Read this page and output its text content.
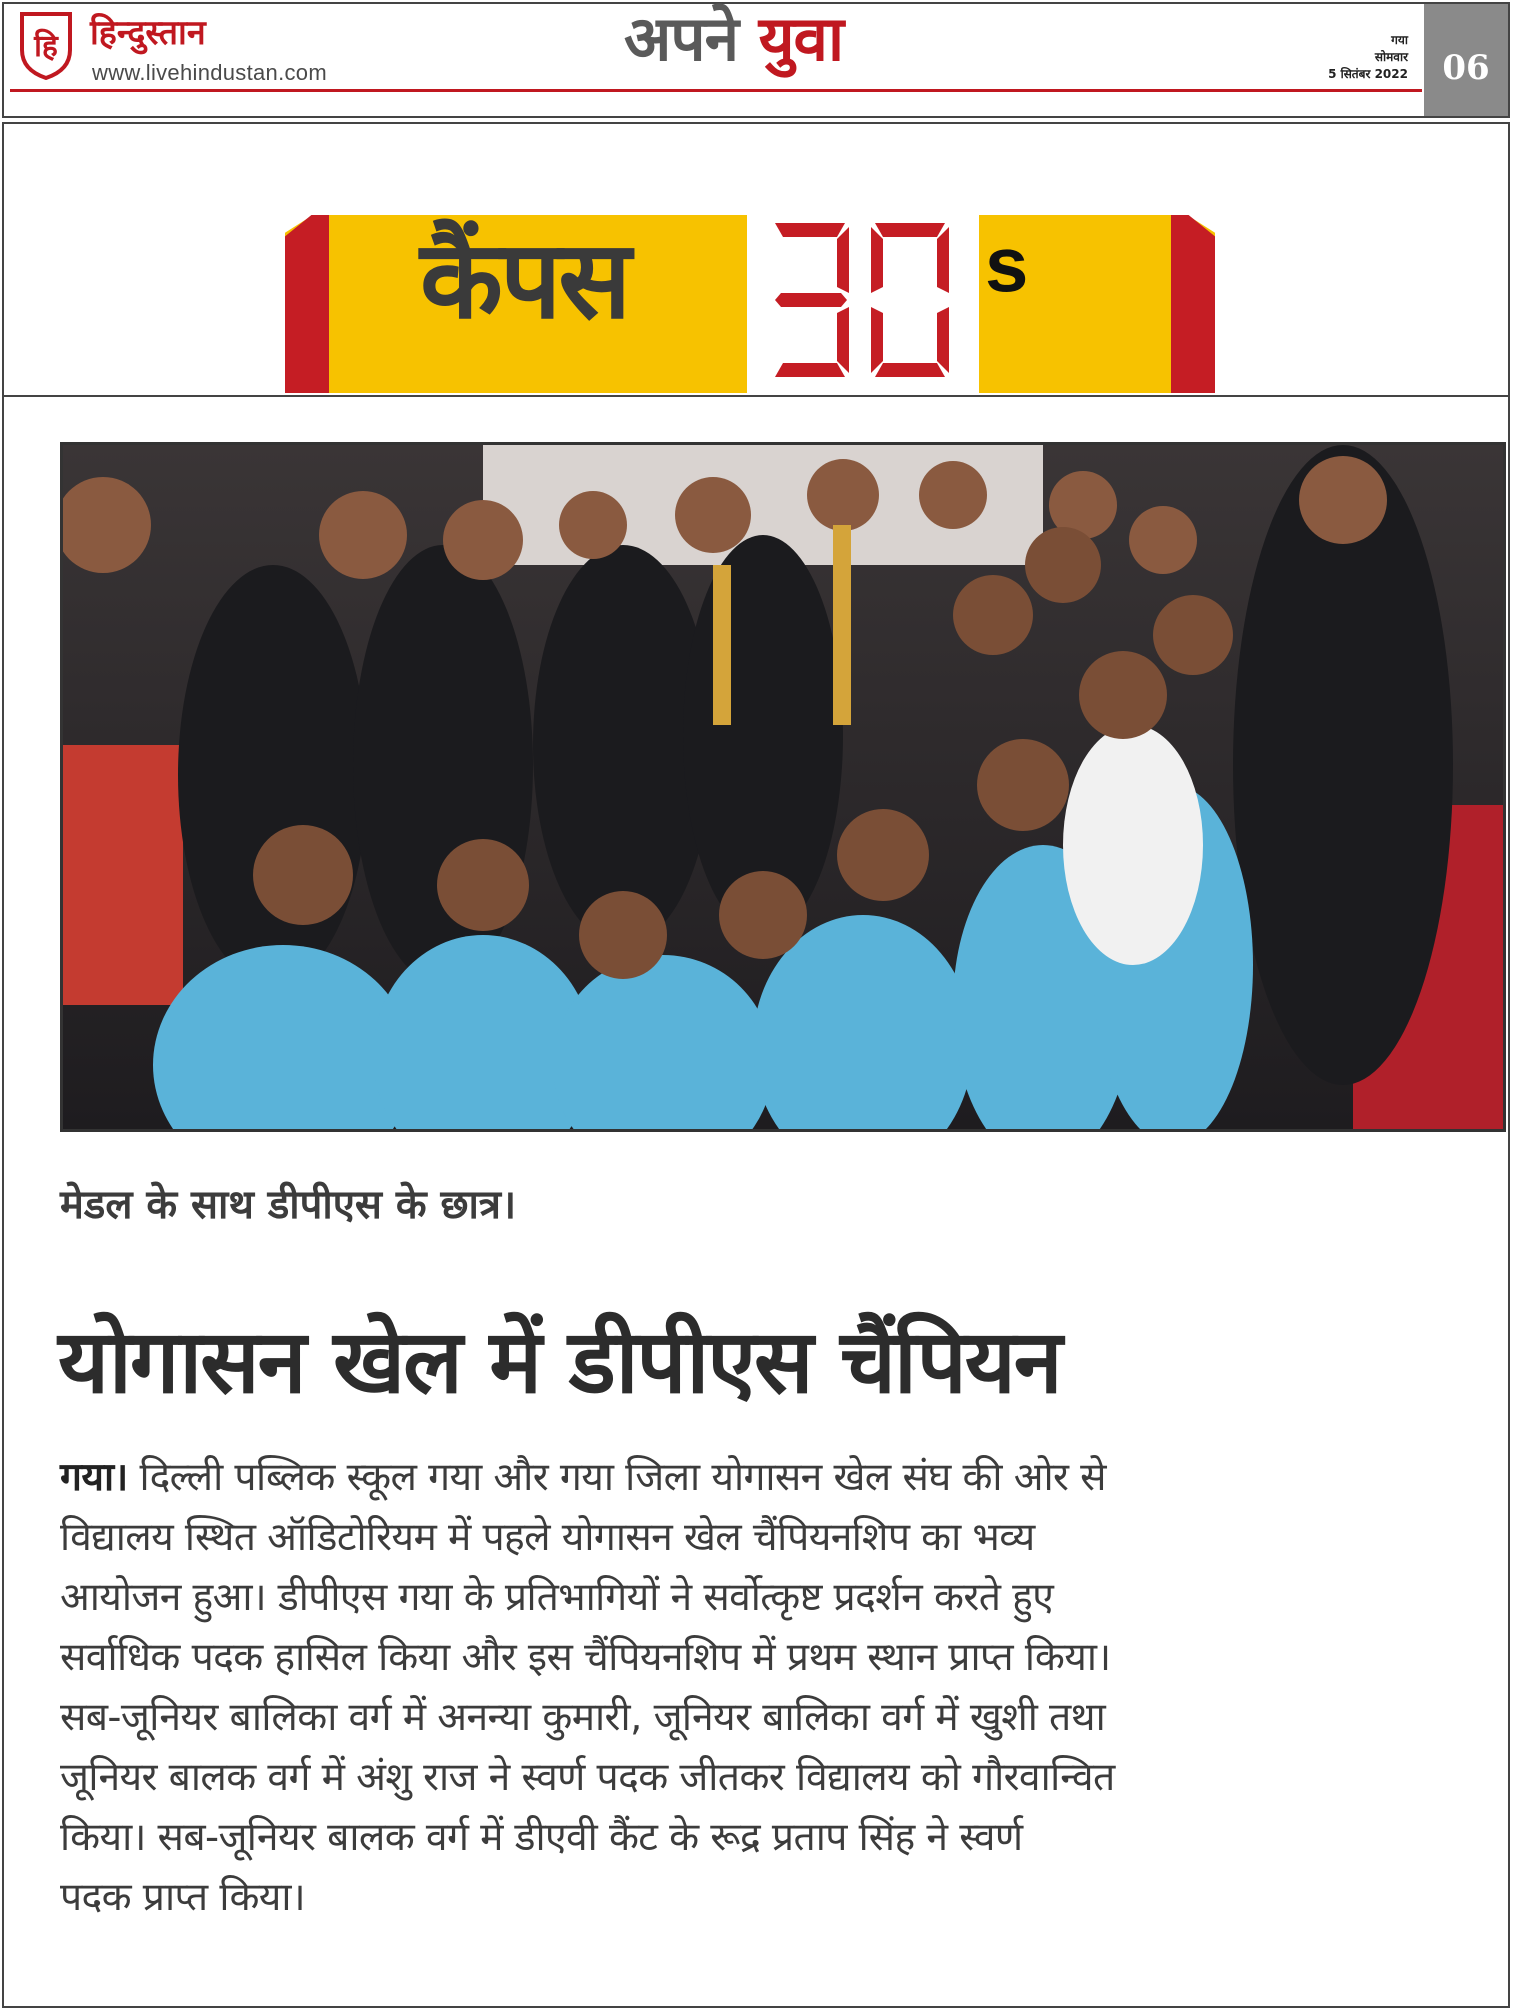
हि हिन्दुस्तान
www.livehindustan.com	अपने युवा	गया
सोमवार
5 सितंबर 2022	06
कैंपस	s
मेडल के साथ डीपीएस के छात्र।
योगासन खेल में डीपीएस चैंपियन
गया। दिल्ली पब्लिक स्कूल गया और गया जिला योगासन खेल संघ की ओर से
विद्यालय स्थित ऑडिटोरियम में पहले योगासन खेल चैंपियनशिप का भव्य
आयोजन हुआ। डीपीएस गया के प्रतिभागियों ने सर्वोत्कृष्ट प्रदर्शन करते हुए
सर्वाधिक पदक हासिल किया और इस चैंपियनशिप में प्रथम स्थान प्राप्त किया।
सब-जूनियर बालिका वर्ग में अनन्या कुमारी, जूनियर बालिका वर्ग में खुशी तथा
जूनियर बालक वर्ग में अंशु राज ने स्वर्ण पदक जीतकर विद्यालय को गौरवान्वित
किया। सब-जूनियर बालक वर्ग में डीएवी कैंट के रूद्र प्रताप सिंह ने स्वर्ण
पदक प्राप्त किया।
